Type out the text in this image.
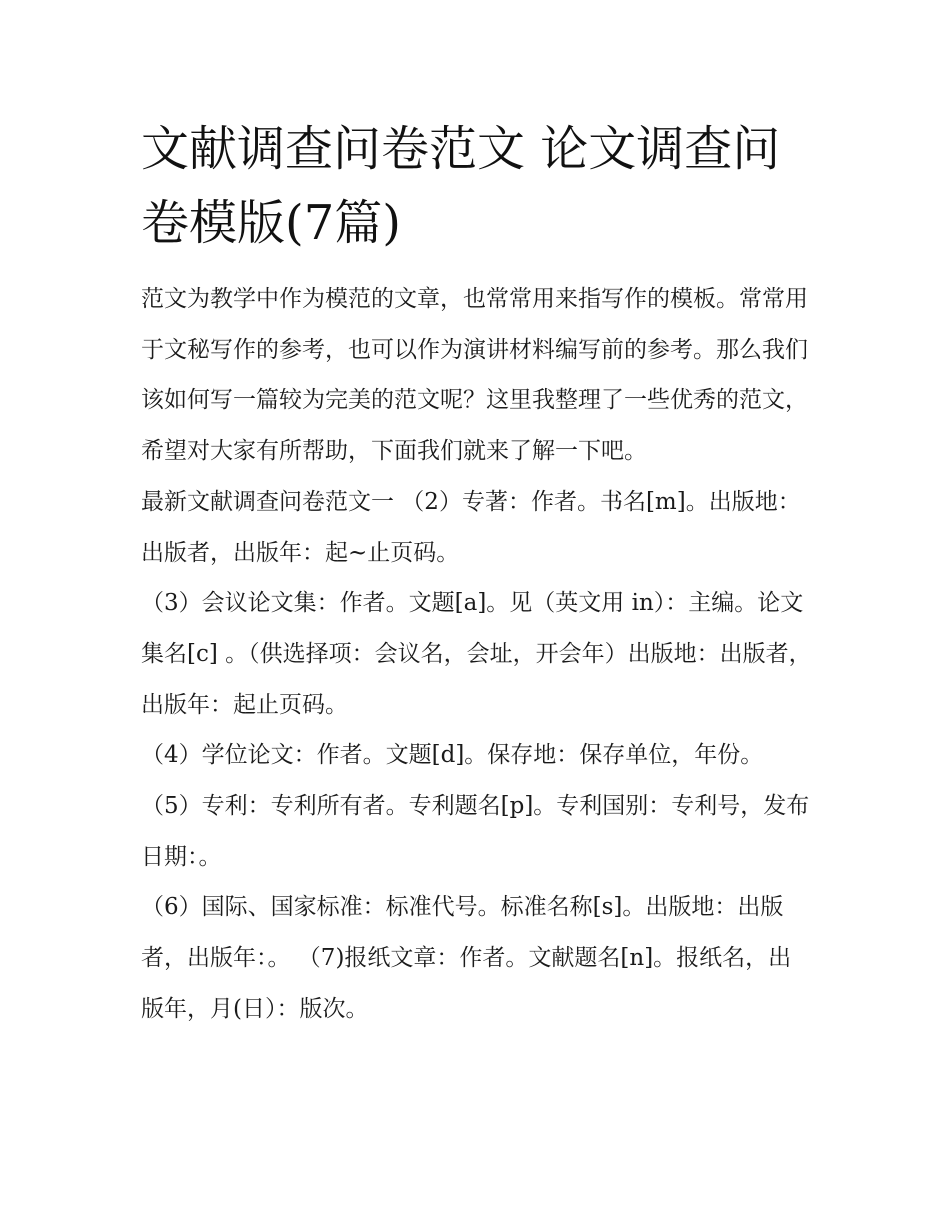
文献调查问卷范文 论文调查问卷模版(7篇)

范文为教学中作为模范的文章，也常常用来指写作的模板。常常用于文秘写作的参考，也可以作为演讲材料编写前的参考。那么我们该如何写一篇较为完美的范文呢？这里我整理了一些优秀的范文，希望对大家有所帮助，下面我们就来了解一下吧。

最新文献调查问卷范文一 （2）专著：作者。书名[m]。出版地：出版者，出版年：起~止页码。

（3）会议论文集：作者。文题[a]。见（英文用 in）：主编。论文集名[c] 。（供选择项：会议名，会址，开会年）出版地：出版者，出版年：起止页码。

（4）学位论文：作者。文题[d]。保存地：保存单位，年份。

（5）专利：专利所有者。专利题名[p]。专利国别：专利号，发布日期：。

（6）国际、国家标准：标准代号。标准名称[s]。出版地：出版者，出版年：。 （7)报纸文章：作者。文献题名[n]。报纸名，出版年，月(日）：版次。
